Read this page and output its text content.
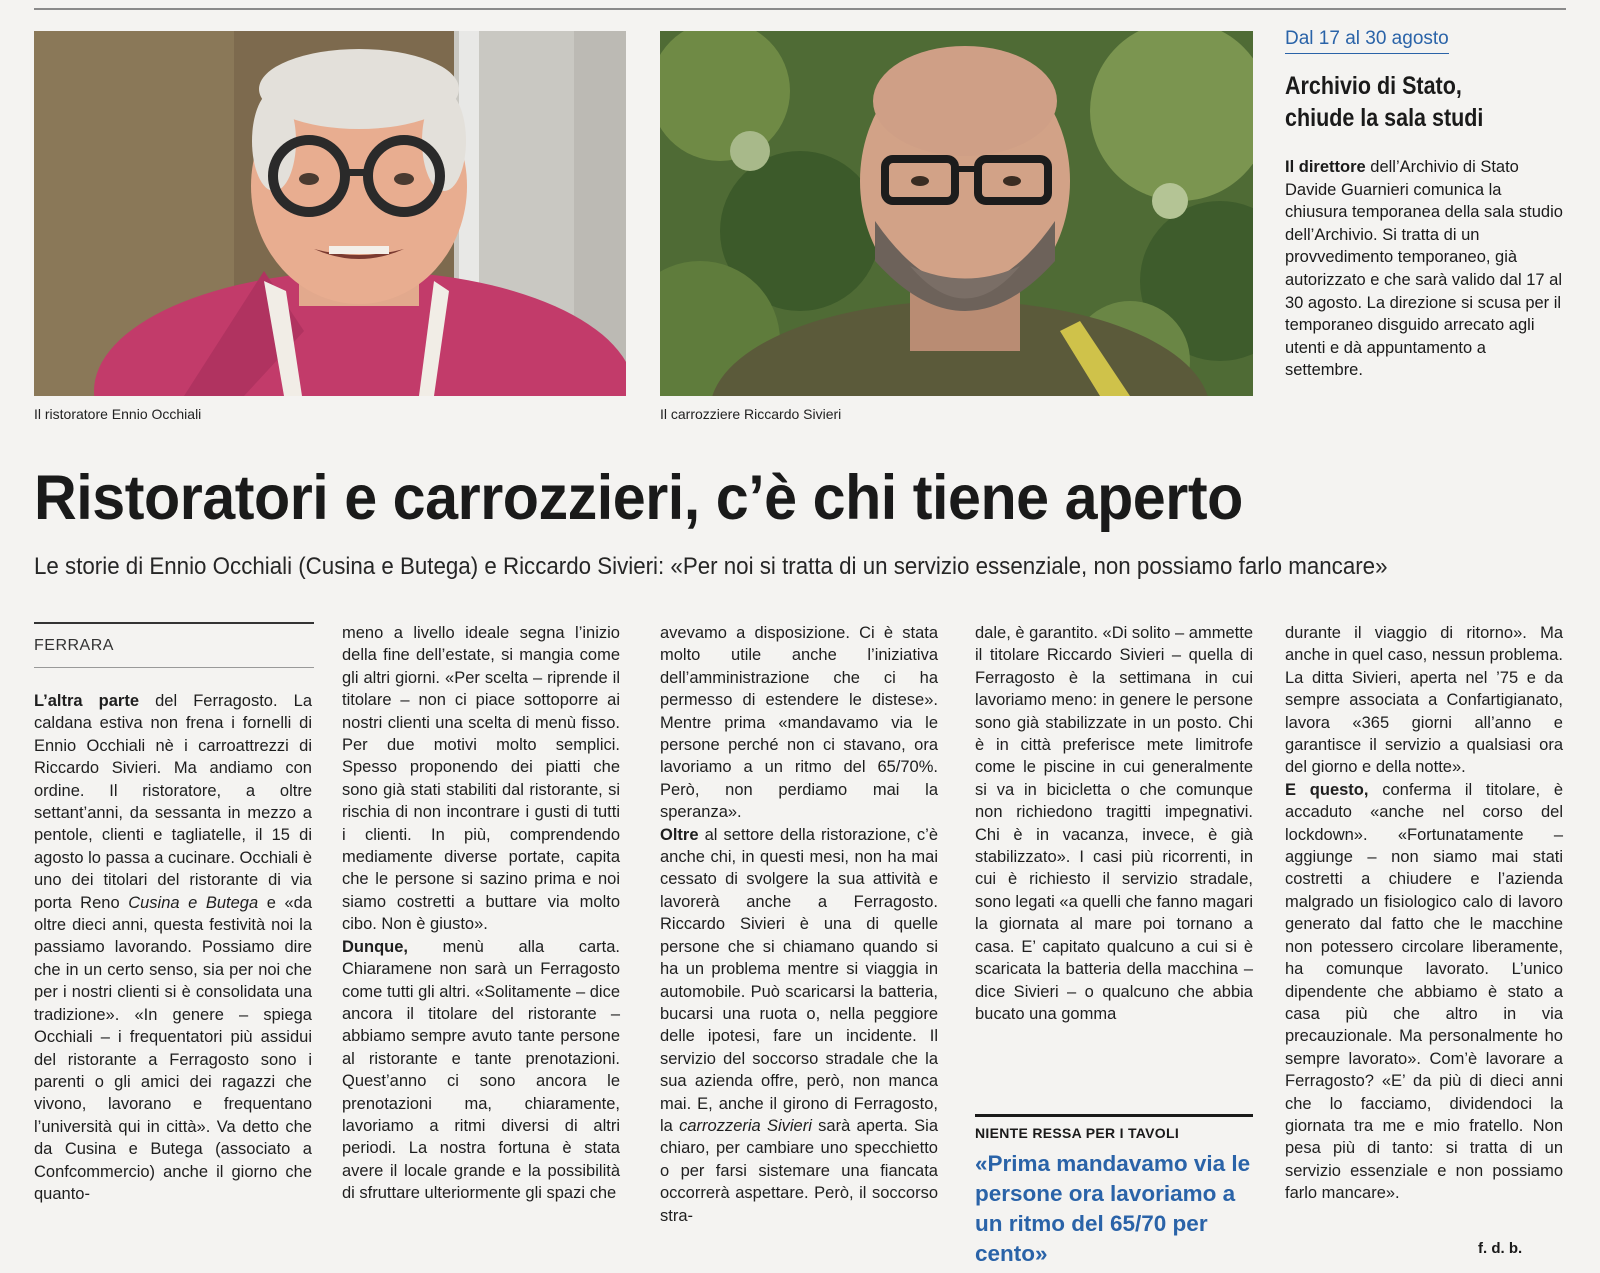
Il ristoratore Ennio Occhiali	Il carrozziere Riccardo Sivieri
Dal 17 al 30 agosto
Archivio di Stato,
chiude la sala studi

Il direttore dell’Archivio di Stato Davide Guarnieri comunica la chiusura temporanea della sala studio dell’Archivio. Si tratta di un provvedimento temporaneo, già autorizzato e che sarà valido dal 17 al 30 agosto. La direzione si scusa per il temporaneo disguido arrecato agli utenti e dà appuntamento a settembre.

Ristoratori e carrozzieri, c’è chi tiene aperto
Le storie di Ennio Occhiali (Cusina e Butega) e Riccardo Sivieri: «Per noi si tratta di un servizio essenziale, non possiamo farlo mancare»
FERRARA

L’altra parte del Ferragosto. La caldana estiva non frena i fornelli di Ennio Occhiali nè i carroattrezzi di Riccardo Sivieri. Ma andiamo con ordine. Il ristoratore, a oltre settant’anni, da sessanta in mezzo a pentole, clienti e tagliatelle, il 15 di agosto lo passa a cucinare. Occhiali è uno dei titolari del ristorante di via porta Reno Cusina e Butega e «da oltre dieci anni, questa festività noi la passiamo lavorando. Possiamo dire che in un certo senso, sia per noi che per i nostri clienti si è consolidata una tradizione». «In genere – spiega Occhiali – i frequentatori più assidui del ristorante a Ferragosto sono i parenti o gli amici dei ragazzi che vivono, lavorano e frequentano l’università qui in città». Va detto che da Cusina e Butega (associato a Confcommercio) anche il giorno che quanto-

meno a livello ideale segna l’inizio della fine dell’estate, si mangia come gli altri giorni. «Per scelta – riprende il titolare – non ci piace sottoporre ai nostri clienti una scelta di menù fisso. Per due motivi molto semplici. Spesso proponendo dei piatti che sono già stati stabiliti dal ristorante, si rischia di non incontrare i gusti di tutti i clienti. In più, comprendendo mediamente diverse portate, capita che le persone si sazino prima e noi siamo costretti a buttare via molto cibo. Non è giusto».

Dunque, menù alla carta. Chiaramene non sarà un Ferragosto come tutti gli altri. «Solitamente – dice ancora il titolare del ristorante – abbiamo sempre avuto tante persone al ristorante e tante prenotazioni. Quest’anno ci sono ancora le prenotazioni ma, chiaramente, lavoriamo a ritmi diversi di altri periodi. La nostra fortuna è stata avere il locale grande e la possibilità di sfruttare ulteriormente gli spazi che

avevamo a disposizione. Ci è stata molto utile anche l’iniziativa dell’amministrazione che ci ha permesso di estendere le distese». Mentre prima «mandavamo via le persone perché non ci stavano, ora lavoriamo a un ritmo del 65/70%. Però, non perdiamo mai la speranza».

Oltre al settore della ristorazione, c’è anche chi, in questi mesi, non ha mai cessato di svolgere la sua attività e lavorerà anche a Ferragosto. Riccardo Sivieri è una di quelle persone che si chiamano quando si ha un problema mentre si viaggia in automobile. Può scaricarsi la batteria, bucarsi una ruota o, nella peggiore delle ipotesi, fare un incidente. Il servizio del soccorso stradale che la sua azienda offre, però, non manca mai. E, anche il girono di Ferragosto, la carrozzeria Sivieri sarà aperta. Sia chiaro, per cambiare uno specchietto o per farsi sistemare una fiancata occorrerà aspettare. Però, il soccorso stra-

dale, è garantito. «Di solito – ammette il titolare Riccardo Sivieri – quella di Ferragosto è la settimana in cui lavoriamo meno: in genere le persone sono già stabilizzate in un posto. Chi è in città preferisce mete limitrofe come le piscine in cui generalmente si va in bicicletta o che comunque non richiedono tragitti impegnativi. Chi è in vacanza, invece, è già stabilizzato». I casi più ricorrenti, in cui è richiesto il servizio stradale, sono legati «a quelli che fanno magari la giornata al mare poi tornano a casa. E’ capitato qualcuno a cui si è scaricata la batteria della macchina – dice Sivieri – o qualcuno che abbia bucato una gomma

NIENTE RESSA PER I TAVOLI
«Prima mandavamo via le persone ora lavoriamo a un ritmo del 65/70 per cento»

durante il viaggio di ritorno». Ma anche in quel caso, nessun problema. La ditta Sivieri, aperta nel ’75 e da sempre associata a Confartigianato, lavora «365 giorni all’anno e garantisce il servizio a qualsiasi ora del giorno e della notte».

E questo, conferma il titolare, è accaduto «anche nel corso del lockdown». «Fortunatamente – aggiunge – non siamo mai stati costretti a chiudere e l’azienda malgrado un fisiologico calo di lavoro generato dal fatto che le macchine non potessero circolare liberamente, ha comunque lavorato. L’unico dipendente che abbiamo è stato a casa più che altro in via precauzionale. Ma personalmente ho sempre lavorato». Com’è lavorare a Ferragosto? «E’ da più di dieci anni che lo facciamo, dividendoci la giornata tra me e mio fratello. Non pesa più di tanto: si tratta di un servizio essenziale e non possiamo farlo mancare».

f. d. b.
